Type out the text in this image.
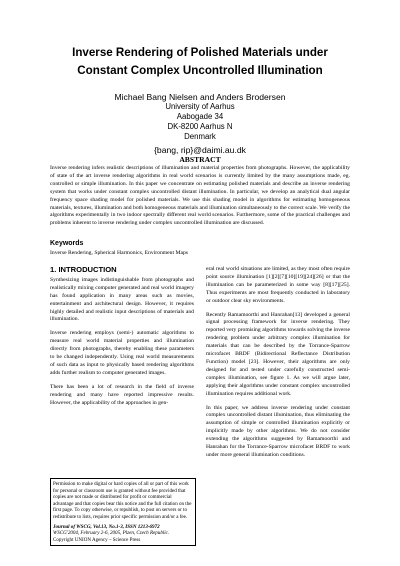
Inverse Rendering of Polished Materials under
Constant Complex Uncontrolled Illumination
Michael Bang Nielsen and Anders Brodersen
University of Aarhus
Aabogade 34
DK-8200 Aarhus N
Denmark
{bang, rip}@daimi.au.dk
ABSTRACT
Inverse rendering infers realistic descriptions of illumination and material properties from photographs. However, the applicability of state of the art inverse rendering algorithms in real world scenarios is currently limited by the many assumptions made, eg. controlled or simple illumination. In this paper we concentrate on estimating polished materials and describe an inverse rendering system that works under constant complex uncontrolled distant illumination. In particular, we develop an analytical dual angular frequency space shading model for polished materials. We use this shading model in algorithms for estimating homogeneous materials, textures, illumination and both homogeneous materials and illumination simultaneously to the correct scale. We verify the algorithms experimentally in two indoor spectrally different real world scenarios. Furthermore, some of the practical challenges and problems inherent to inverse rendering under complex uncontrolled illumination are discussed.
Keywords
Inverse Rendering, Spherical Harmonics, Environment Maps
1. INTRODUCTION

Synthesizing images indistinguishable from photographs and realistically mixing computer generated and real world imagery has found application in many areas such as movies, entertainment and architectural design. However, it requires highly detailed and realistic input descriptions of materials and illumination.

Inverse rendering employs (semi-) automatic algorithms to measure real world material properties and illumination directly from photographs, thereby enabling these parameters to be changed independently. Using real world measurements of such data as input to physically based rendering algorithms adds further realism to computer generated images.

There has been a lot of research in the field of inverse rendering and many have reported impressive results. However, the applicability of the approaches in gen-

Permission to make digital or hard copies of all or part of this work for personal or classroom use is granted without fee provided that copies are not made or distributed for profit or commercial advantage and that copies bear this notice and the full citation on the first page. To copy otherwise, or republish, to post on servers or to redistribute to lists, requires prior specific permission and/or a fee.
Journal of WSCG, Vol.13, No.1-3, ISSN 1213-6972
WSCG'2004, February 2-6, 2005, Plzen, Czech Republic.
Copyright UNION Agency – Science Press

eral real world situations are limited, as they most often require point source illumination [1][2][7][10][19][24][26] or that the illumination can be parameterized in some way [8][17][25]. Thus experiments are most frequently conducted in laboratory or outdoor clear sky environments.

Recently Ramamoorthi and Hanrahan[13] developed a general signal processing framework for inverse rendering. They reported very promising algorithms towards solving the inverse rendering problem under arbitrary complex illumination for materials that can be described by the Torrance-Sparrow microfacet BRDF (Bidirectional Reflectance Distribution Function) model [23]. However, their algorithms are only designed for and tested under carefully constructed semi-complex illumination, see figure 1. As we will argue later, applying their algorithms under constant complex uncontrolled illumination requires additional work.

In this paper, we address inverse rendering under constant complex uncontrolled distant illumination, thus eliminating the assumption of simple or controlled illumination explicitly or implicitly made by other algorithms. We do not consider extending the algorithms suggested by Ramamoorthi and Hanrahan for the Torrance-Sparrow microfacet BRDF to work under more general illumination conditions.
